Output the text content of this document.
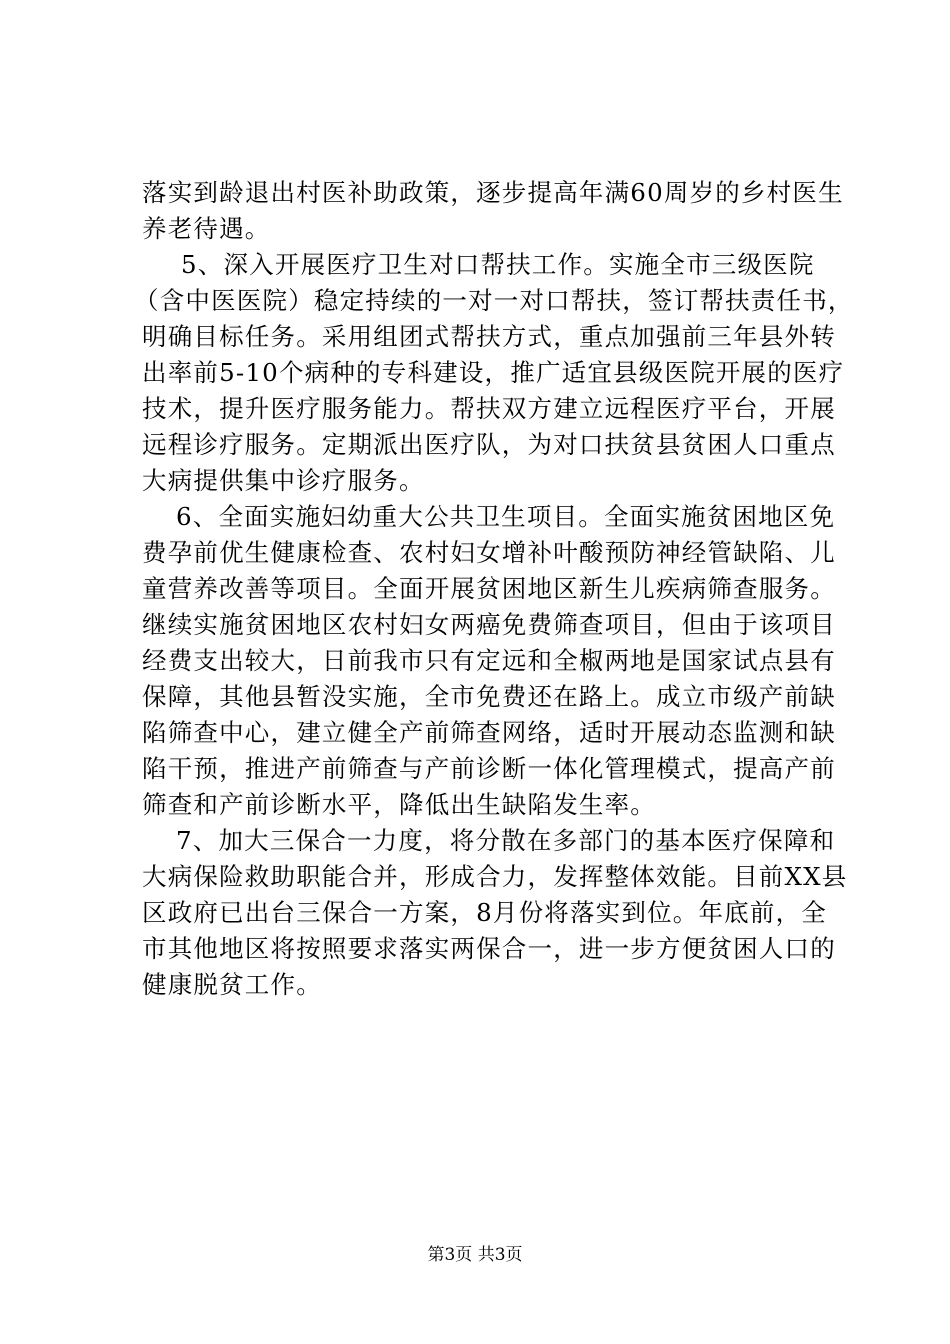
落实到龄退出村医补助政策，逐步提高年满60周岁的乡村医生
养老待遇。
5、深入开展医疗卫生对口帮扶工作。实施全市三级医院
（含中医医院）稳定持续的一对一对口帮扶，签订帮扶责任书，
明确目标任务。采用组团式帮扶方式，重点加强前三年县外转
出率前5-10个病种的专科建设，推广适宜县级医院开展的医疗
技术，提升医疗服务能力。帮扶双方建立远程医疗平台，开展
远程诊疗服务。定期派出医疗队，为对口扶贫县贫困人口重点
大病提供集中诊疗服务。
6、全面实施妇幼重大公共卫生项目。全面实施贫困地区免
费孕前优生健康检查、农村妇女增补叶酸预防神经管缺陷、儿
童营养改善等项目。全面开展贫困地区新生儿疾病筛查服务。
继续实施贫困地区农村妇女两癌免费筛查项目，但由于该项目
经费支出较大，日前我市只有定远和全椒两地是国家试点县有
保障，其他县暂没实施，全市免费还在路上。成立市级产前缺
陷筛查中心，建立健全产前筛查网络，适时开展动态监测和缺
陷干预，推进产前筛查与产前诊断一体化管理模式，提高产前
筛查和产前诊断水平，降低出生缺陷发生率。
7、加大三保合一力度，将分散在多部门的基本医疗保障和
大病保险救助职能合并，形成合力，发挥整体效能。目前XX县
区政府已出台三保合一方案，8月份将落实到位。年底前，全
市其他地区将按照要求落实两保合一，进一步方便贫困人口的
健康脱贫工作。
第3页 共3页
